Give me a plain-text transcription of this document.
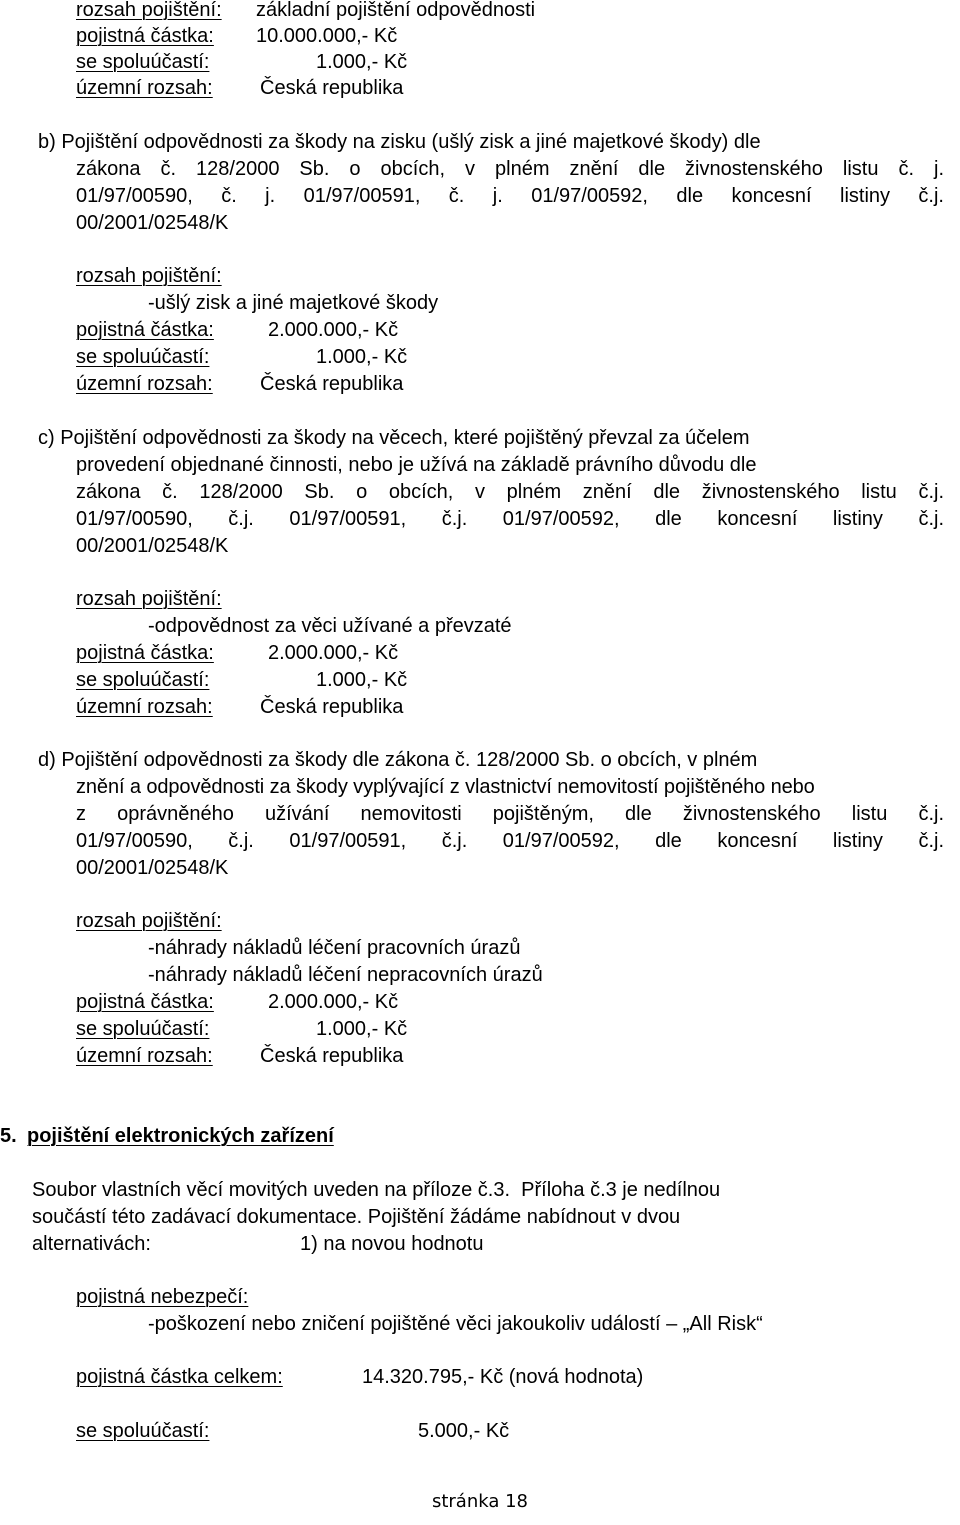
rozsah pojištění: základní pojištění odpovědnosti
pojistná částka: 10.000.000,- Kč
se spoluúčastí:	1.000,- Kč
územní rozsah: Česká republika
b) Pojištění odpovědnosti za škody na zisku (ušlý zisk a jiné majetkové škody) dle
zákona č. 128/2000 Sb. o obcích, v plném znění dle živnostenského listu č. j.
01/97/00590, č. j. 01/97/00591, č. j. 01/97/00592, dle koncesní listiny č.j.
00/2001/02548/K
rozsah pojištění:
-ušlý zisk a jiné majetkové škody
pojistná částka:	2.000.000,- Kč
se spoluúčastí:	1.000,- Kč
územní rozsah: Česká republika
c) Pojištění odpovědnosti za škody na věcech, které pojištěný převzal za účelem
provedení objednané činnosti, nebo je užívá na základě právního důvodu dle
zákona č. 128/2000 Sb. o obcích, v plném znění dle živnostenského listu č.j.
01/97/00590, č.j. 01/97/00591, č.j. 01/97/00592, dle koncesní listiny č.j.
00/2001/02548/K
rozsah pojištění:
-odpovědnost za věci užívané a převzaté
pojistná částka:	2.000.000,- Kč
se spoluúčastí:	1.000,- Kč
územní rozsah: Česká republika
d) Pojištění odpovědnosti za škody dle zákona č. 128/2000 Sb. o obcích, v plném
znění a odpovědnosti za škody vyplývající z vlastnictví nemovitostí pojištěného nebo
z oprávněného užívání nemovitosti pojištěným, dle živnostenského listu č.j.
01/97/00590, č.j. 01/97/00591, č.j. 01/97/00592, dle koncesní listiny č.j.
00/2001/02548/K
rozsah pojištění:
-náhrady nákladů léčení pracovních úrazů
-náhrady nákladů léčení nepracovních úrazů
pojistná částka:	2.000.000,- Kč
se spoluúčastí:	1.000,- Kč
územní rozsah: Česká republika
5. pojištění elektronických zařízení
Soubor vlastních věcí movitých uveden na příloze č.3.  Příloha č.3 je nedílnou
součástí této zadávací dokumentace. Pojištění žádáme nabídnout v dvou
alternativách:	1) na novou hodnotu
pojistná nebezpečí:
-poškození nebo zničení pojištěné věci jakoukoliv událostí – „All Risk“
pojistná částka celkem:	14.320.795,- Kč (nová hodnota)
se spoluúčastí:	5.000,- Kč
stránka 18
